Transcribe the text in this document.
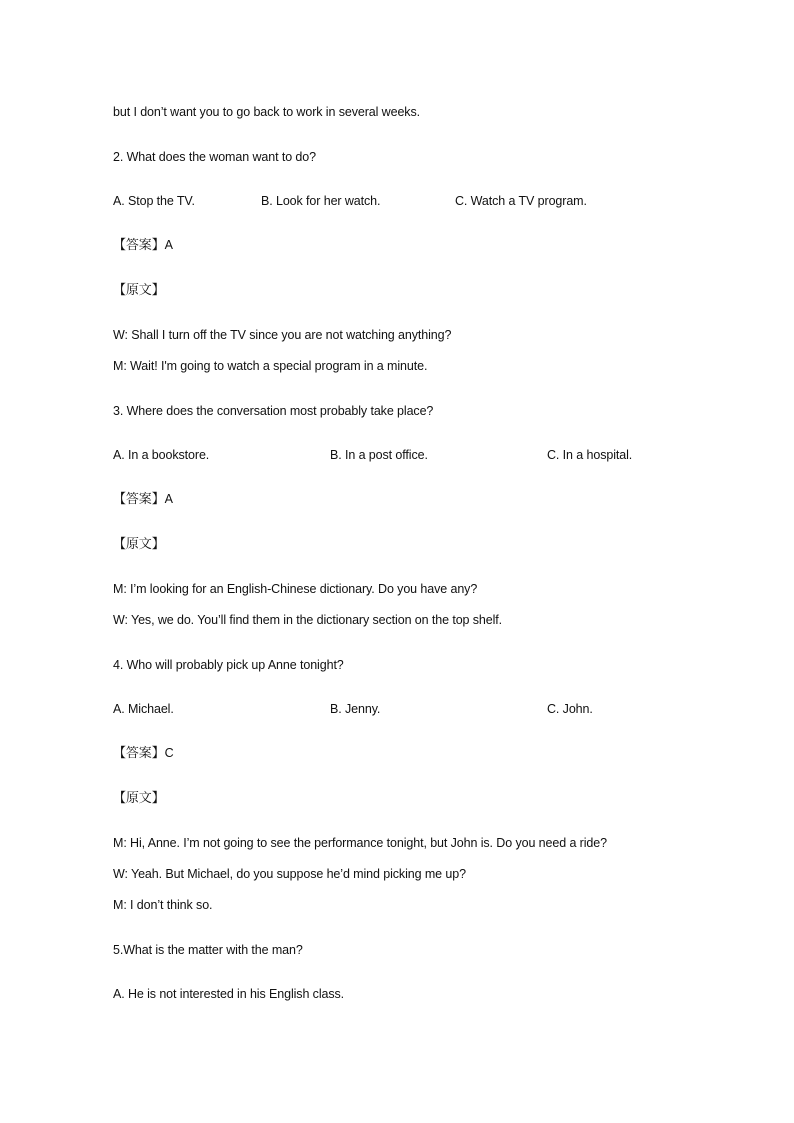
but I don’t want you to go back to work in several weeks.
2. What does the woman want to do?
A. Stop the TV.	B. Look for her watch.	C. Watch a TV program.
【答案】A
【原文】
W: Shall I turn off the TV since you are not watching anything?
M: Wait! I'm going to watch a special program in a minute.
3. Where does the conversation most probably take place?
A. In a bookstore.	B. In a post office.	C. In a hospital.
【答案】A
【原文】
M: I’m looking for an English-Chinese dictionary. Do you have any?
W: Yes, we do. You’ll find them in the dictionary section on the top shelf.
4. Who will probably pick up Anne tonight?
A. Michael.	B. Jenny.	C. John.
【答案】C
【原文】
M: Hi, Anne. I’m not going to see the performance tonight, but John is. Do you need a ride?
W: Yeah. But Michael, do you suppose he’d mind picking me up?
M: I don’t think so.
5.What is the matter with the man?
A. He is not interested in his English class.
